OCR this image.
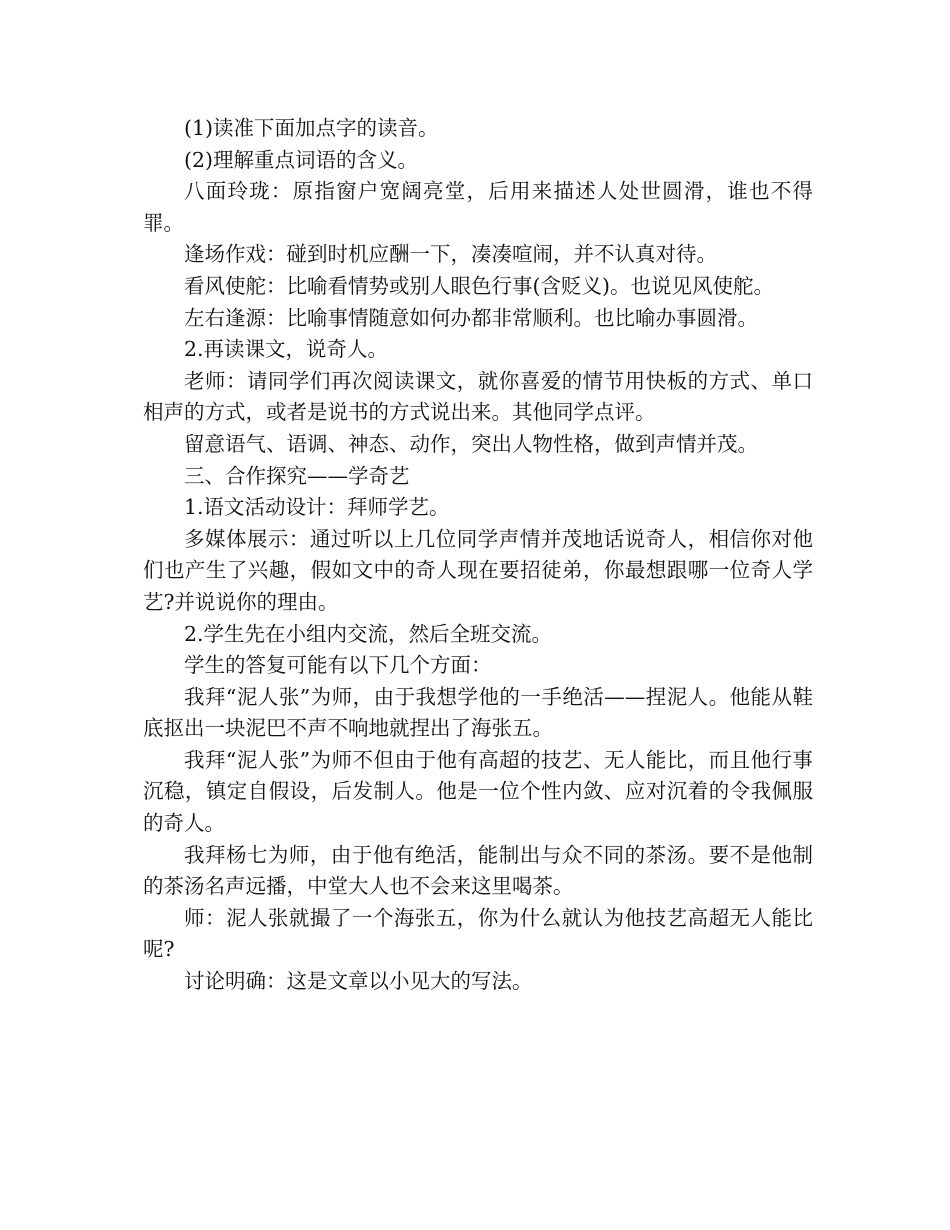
(1)读准下面加点字的读音。

(2)理解重点词语的含义。

八面玲珑：原指窗户宽阔亮堂，后用来描述人处世圆滑，谁也不得罪。

逢场作戏：碰到时机应酬一下，凑凑喧闹，并不认真对待。

看风使舵：比喻看情势或别人眼色行事(含贬义)。也说见风使舵。

左右逢源：比喻事情随意如何办都非常顺利。也比喻办事圆滑。

2.再读课文，说奇人。

老师：请同学们再次阅读课文，就你喜爱的情节用快板的方式、单口相声的方式，或者是说书的方式说出来。其他同学点评。

留意语气、语调、神态、动作，突出人物性格，做到声情并茂。

三、合作探究——学奇艺

1.语文活动设计：拜师学艺。

多媒体展示：通过听以上几位同学声情并茂地话说奇人，相信你对他们也产生了兴趣，假如文中的奇人现在要招徒弟，你最想跟哪一位奇人学艺?并说说你的理由。

2.学生先在小组内交流，然后全班交流。

学生的答复可能有以下几个方面：

我拜“泥人张”为师，由于我想学他的一手绝活——捏泥人。他能从鞋底抠出一块泥巴不声不响地就捏出了海张五。

我拜“泥人张”为师不但由于他有高超的技艺、无人能比，而且他行事沉稳，镇定自假设，后发制人。他是一位个性内敛、应对沉着的令我佩服的奇人。

我拜杨七为师，由于他有绝活，能制出与众不同的茶汤。要不是他制的茶汤名声远播，中堂大人也不会来这里喝茶。

师：泥人张就撮了一个海张五，你为什么就认为他技艺高超无人能比呢?

讨论明确：这是文章以小见大的写法。
